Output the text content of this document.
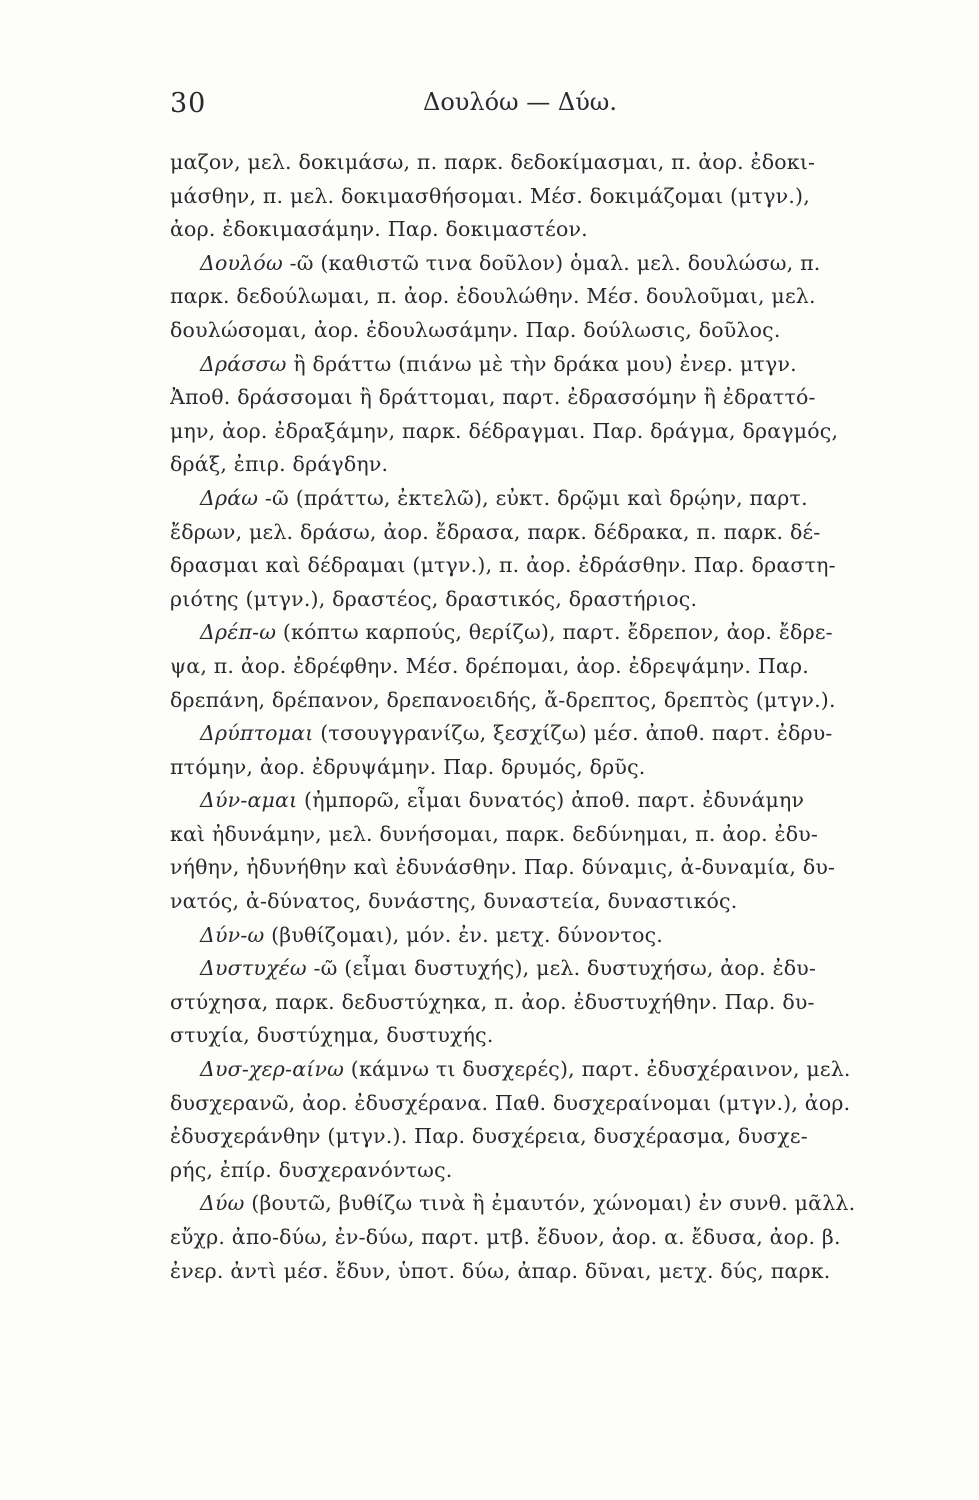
30	Δουλόω — Δύω.
μαζον, μελ. δοκιμάσω, π. παρκ. δεδοκίμασμαι, π. ἀορ. ἐδοκι-
μάσθην, π. μελ. δοκιμασθήσομαι. Μέσ. δοκιμάζομαι (μτγν.),
ἀορ. ἐδοκιμασάμην. Παρ. δοκιμαστέον.
Δουλόω -ῶ (καθιστῶ τινα δοῦλον) ὁμαλ. μελ. δουλώσω, π.
παρκ. δεδούλωμαι, π. ἀορ. ἐδουλώθην. Μέσ. δουλοῦμαι, μελ.
δουλώσομαι, ἀορ. ἐδουλωσάμην. Παρ. δούλωσις, δοῦλος.
Δράσσω ἢ δράττω (πιάνω μὲ τὴν δράκα μου) ἐνερ. μτγν.
Ἀποθ. δράσσομαι ἢ δράττομαι, παρτ. ἐδρασσόμην ἢ ἐδραττό-
μην, ἀορ. ἐδραξάμην, παρκ. δέδραγμαι. Παρ. δράγμα, δραγμός,
δράξ, ἐπιρ. δράγδην.
Δράω -ῶ (πράττω, ἐκτελῶ), εὐκτ. δρῷμι καὶ δρῴην, παρτ.
ἔδρων, μελ. δράσω, ἀορ. ἔδρασα, παρκ. δέδρακα, π. παρκ. δέ-
δρασμαι καὶ δέδραμαι (μτγν.), π. ἀορ. ἐδράσθην. Παρ. δραστη-
ριότης (μτγν.), δραστέος, δραστικός, δραστήριος.
Δρέπ-ω (κόπτω καρπούς, θερίζω), παρτ. ἔδρεπον, ἀορ. ἔδρε-
ψα, π. ἀορ. ἐδρέφθην. Μέσ. δρέπομαι, ἀορ. ἐδρεψάμην. Παρ.
δρεπάνη, δρέπανον, δρεπανοειδής, ἄ-δρεπτος, δρεπτὸς (μτγν.).
Δρύπτομαι (τσουγγρανίζω, ξεσχίζω) μέσ. ἀποθ. παρτ. ἐδρυ-
πτόμην, ἀορ. ἐδρυψάμην. Παρ. δρυμός, δρῦς.
Δύν-αμαι (ἠμπορῶ, εἶμαι δυνατός) ἀποθ. παρτ. ἐδυνάμην
καὶ ἠδυνάμην, μελ. δυνήσομαι, παρκ. δεδύνημαι, π. ἀορ. ἐδυ-
νήθην, ἠδυνήθην καὶ ἐδυνάσθην. Παρ. δύναμις, ἀ-δυναμία, δυ-
νατός, ἀ-δύνατος, δυνάστης, δυναστεία, δυναστικός.
Δύν-ω (βυθίζομαι), μόν. ἐν. μετχ. δύνοντος.
Δυστυχέω -ῶ (εἶμαι δυστυχής), μελ. δυστυχήσω, ἀορ. ἐδυ-
στύχησα, παρκ. δεδυστύχηκα, π. ἀορ. ἐδυστυχήθην. Παρ. δυ-
στυχία, δυστύχημα, δυστυχής.
Δυσ-χερ-αίνω (κάμνω τι δυσχερές), παρτ. ἐδυσχέραινον, μελ.
δυσχερανῶ, ἀορ. ἐδυσχέρανα. Παθ. δυσχεραίνομαι (μτγν.), ἀορ.
ἐδυσχεράνθην (μτγν.). Παρ. δυσχέρεια, δυσχέρασμα, δυσχε-
ρής, ἐπίρ. δυσχερανόντως.
Δύω (βουτῶ, βυθίζω τινὰ ἢ ἐμαυτόν, χώνομαι) ἐν συνθ. μᾶλλ.
εὔχρ. ἀπο-δύω, ἐν-δύω, παρτ. μτβ. ἔδυον, ἀορ. α. ἔδυσα, ἀορ. β.
ἐνερ. ἀντὶ μέσ. ἔδυν, ὑποτ. δύω, ἀπαρ. δῦναι, μετχ. δύς, παρκ.
